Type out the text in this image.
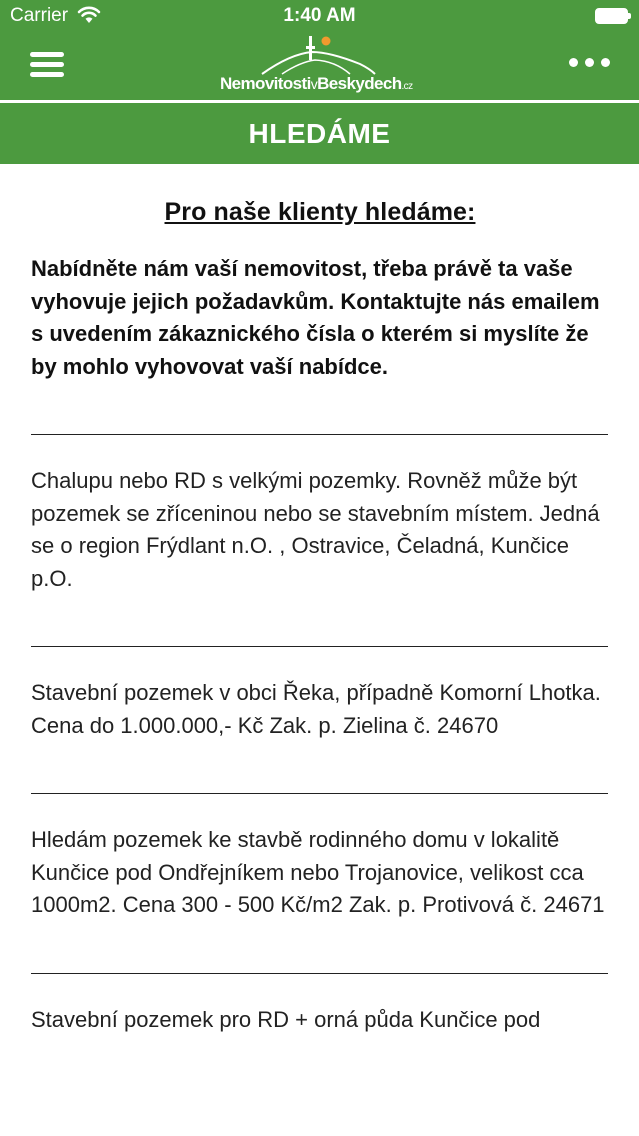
Carrier	1:40 AM
NemovitostivBeskydech.cz
HLEDÁME
Pro naše klienty hledáme:
Nabídněte nám vaší nemovitost, třeba právě ta vaše vyhovuje jejich požadavkům. Kontaktujte nás emailem s uvedením zákaznického čísla o kterém si myslíte že by mohlo vyhovovat vaší nabídce.
Chalupu nebo RD s velkými pozemky. Rovněž může být pozemek se zříceninou nebo se stavebním místem. Jedná se o region Frýdlant n.O. , Ostravice, Čeladná, Kunčice p.O.
Stavební pozemek v obci Řeka, případně Komorní Lhotka. Cena do 1.000.000,- Kč Zak. p. Zielina č. 24670
Hledám pozemek ke stavbě rodinného domu v lokalitě Kunčice pod Ondřejníkem nebo Trojanovice, velikost cca 1000m2. Cena 300 - 500 Kč/m2 Zak. p. Protivová č. 24671
Stavební pozemek pro RD + orná půda Kunčice pod
